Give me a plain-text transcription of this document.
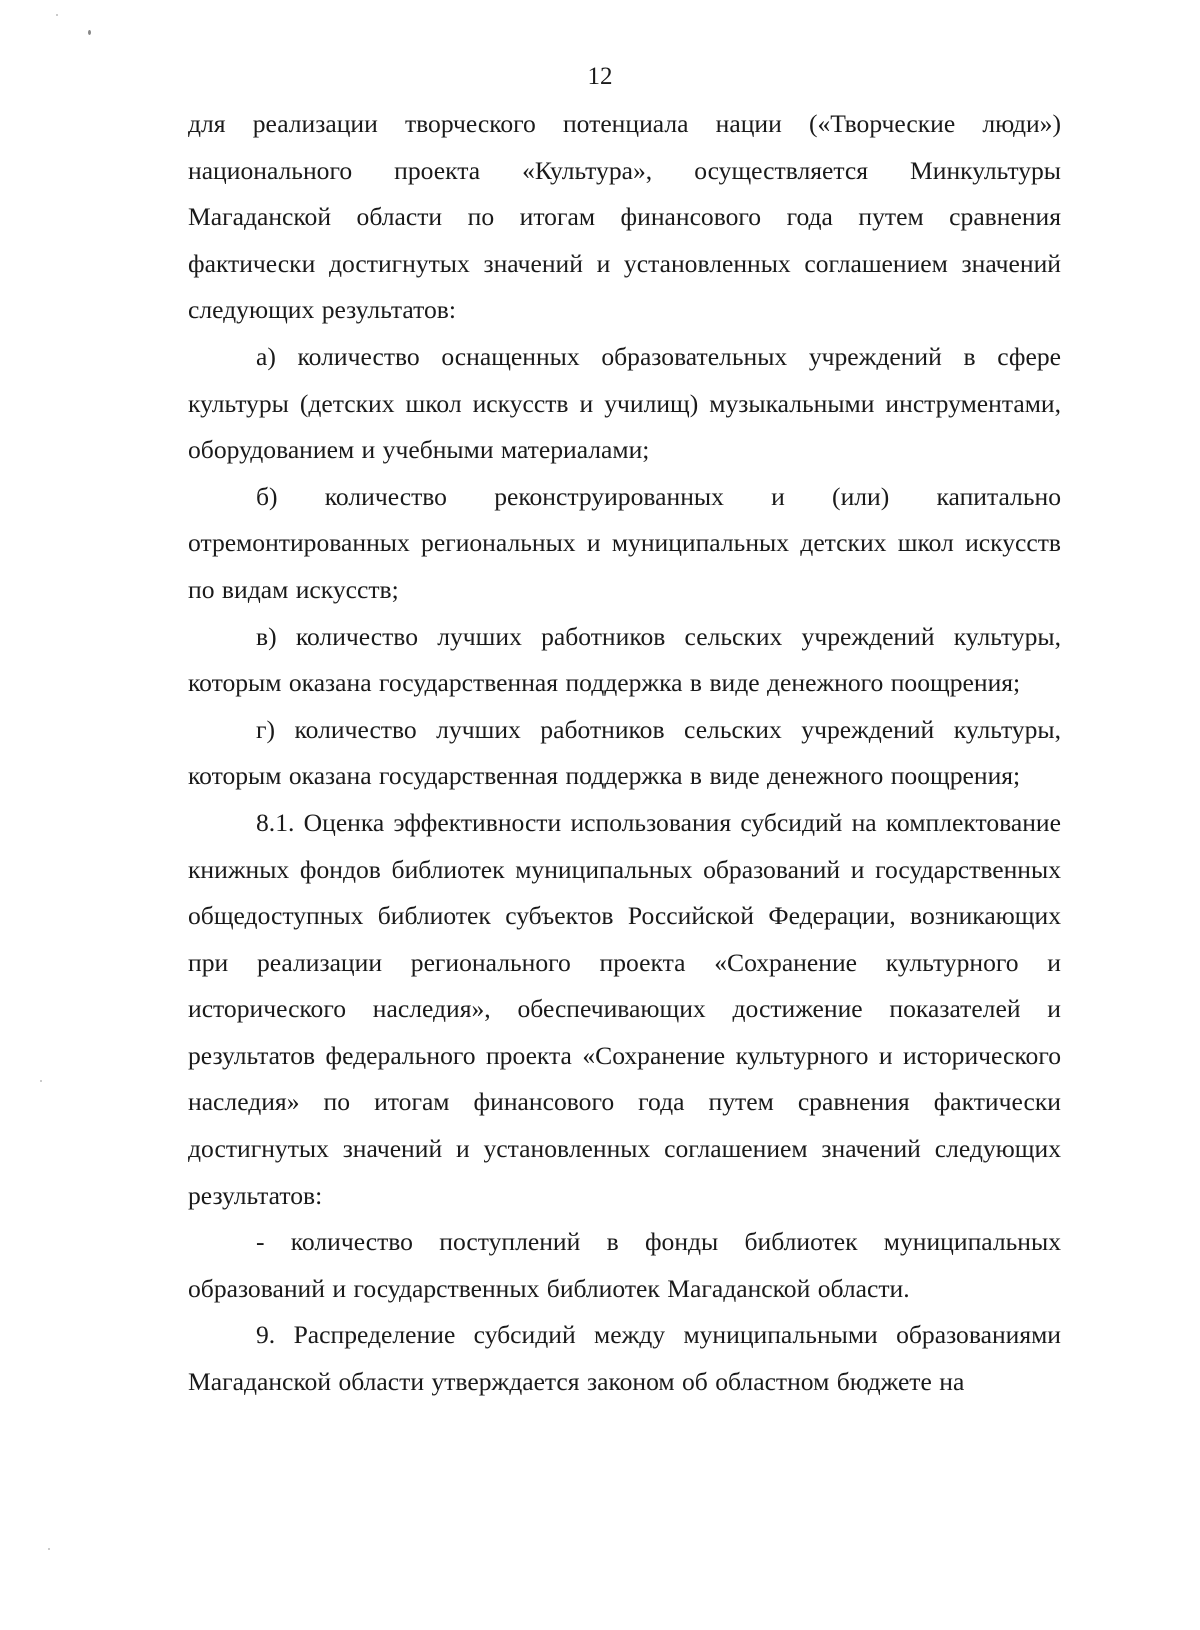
12

для реализации творческого потенциала нации («Творческие люди») национального проекта «Культура», осуществляется Минкультуры Магаданской области по итогам финансового года путем сравнения фактически достигнутых значений и установленных соглашением значений следующих результатов:

а) количество оснащенных образовательных учреждений в сфере культуры (детских школ искусств и училищ) музыкальными инструментами, оборудованием и учебными материалами;

б) количество реконструированных и (или) капитально отремонтированных региональных и муниципальных детских школ искусств по видам искусств;

в) количество лучших работников сельских учреждений культуры, которым оказана государственная поддержка в виде денежного поощрения;

г) количество лучших работников сельских учреждений культуры, которым оказана государственная поддержка в виде денежного поощрения;

8.1. Оценка эффективности использования субсидий на комплектование книжных фондов библиотек муниципальных образований и государственных общедоступных библиотек субъектов Российской Федерации, возникающих при реализации регионального проекта «Сохранение культурного и исторического наследия», обеспечивающих достижение показателей и результатов федерального проекта «Сохранение культурного и исторического наследия» по итогам финансового года путем сравнения фактически достигнутых значений и установленных соглашением значений следующих результатов:

- количество поступлений в фонды библиотек муниципальных образований и государственных библиотек Магаданской области.

9. Распределение субсидий между муниципальными образованиями Магаданской области утверждается законом об областном бюджете на
